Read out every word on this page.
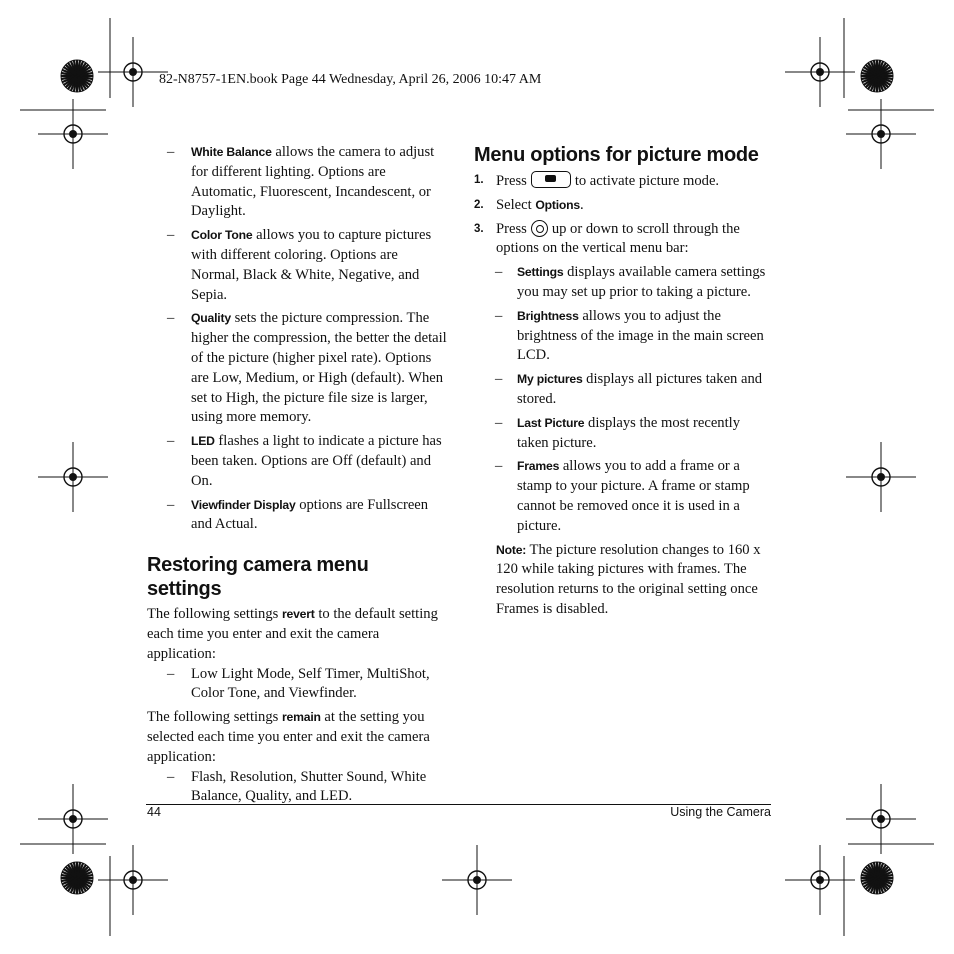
82-N8757-1EN.book Page 44 Wednesday, April 26, 2006 10:47 AM
– White Balance allows the camera to adjust for different lighting. Options are Automatic, Fluorescent, Incandescent, or Daylight.
– Color Tone allows you to capture pictures with different coloring. Options are Normal, Black & White, Negative, and Sepia.
– Quality sets the picture compression. The higher the compression, the better the detail of the picture (higher pixel rate). Options are Low, Medium, or High (default). When set to High, the picture file size is larger, using more memory.
– LED flashes a light to indicate a picture has been taken. Options are Off (default) and On.
– Viewfinder Display options are Fullscreen and Actual.
Restoring camera menu settings

The following settings revert to the default setting each time you enter and exit the camera application:

– Low Light Mode, Self Timer, MultiShot, Color Tone, and Viewfinder.

The following settings remain at the setting you selected each time you enter and exit the camera application:

– Flash, Resolution, Shutter Sound, White Balance, Quality, and LED.
Menu options for picture mode
1. Press	to activate picture mode.
2. Select Options.
3. Press up or down to scroll through the options on the vertical menu bar:
– Settings displays available camera settings you may set up prior to taking a picture.
– Brightness allows you to adjust the brightness of the image in the main screen LCD.
– My pictures displays all pictures taken and stored.
– Last Picture displays the most recently taken picture.
– Frames allows you to add a frame or a stamp to your picture. A frame or stamp cannot be removed once it is used in a picture.

Note: The picture resolution changes to 160 x 120 while taking pictures with frames. The resolution returns to the original setting once Frames is disabled.

44	Using the Camera
